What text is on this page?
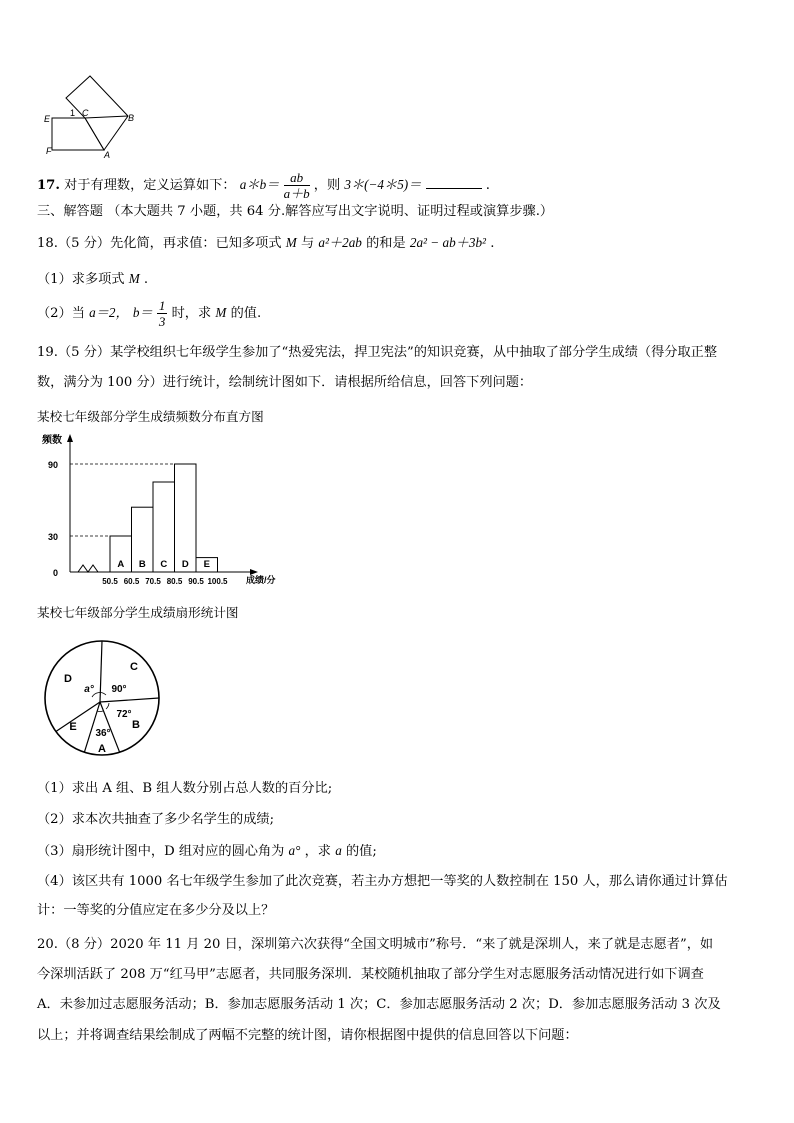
E
F
1 C	B
A
17. 对于有理数，定义运算如下： a＊b＝ $\frac{ab}{a+b}$ ，则 3＊(−4＊5)＝	.
三、解答题 （本大题共 7 小题，共 64 分.解答应写出文字说明、证明过程或演算步骤.）
18.（5 分）先化简，再求值：已知多项式 M 与 a²＋2ab 的和是 2a² − ab＋3b² .
（1）求多项式 M .
（2）当 a＝2， $b= \frac{1}{3}$ 时，求 M 的值.
19.（5 分）某学校组织七年级学生参加了“热爱宪法，捍卫宪法”的知识竞赛，从中抽取了部分学生成绩（得分取正整
数，满分为 100 分）进行统计，绘制统计图如下．请根据所给信息，回答下列问题：
某校七年级部分学生成绩频数分布直方图
频数
0
30
90
A B C D E
50.5 60.5 70.5 80.5 90.5 100.5 成绩/分
某校七年级部分学生成绩扇形统计图
A
B
C
D
E
90°
72°
36°
a°
（1）求出 A 组、B 组人数分别占总人数的百分比;
（2）求本次共抽查了多少名学生的成绩;
（3）扇形统计图中，D 组对应的圆心角为 a° ，求 a 的值;
（4）该区共有 1000 名七年级学生参加了此次竞赛，若主办方想把一等奖的人数控制在 150 人，那么请你通过计算估
计：一等奖的分值应定在多少分及以上？
20.（8 分）2020 年 11 月 20 日，深圳第六次获得“全国文明城市”称号．“来了就是深圳人，来了就是志愿者”，如
今深圳活跃了 208 万“红马甲”志愿者，共同服务深圳．某校随机抽取了部分学生对志愿服务活动情况进行如下调查
A．未参加过志愿服务活动；B．参加志愿服务活动 1 次；C．参加志愿服务活动 2 次；D．参加志愿服务活动 3 次及
以上；并将调查结果绘制成了两幅不完整的统计图，请你根据图中提供的信息回答以下问题：
